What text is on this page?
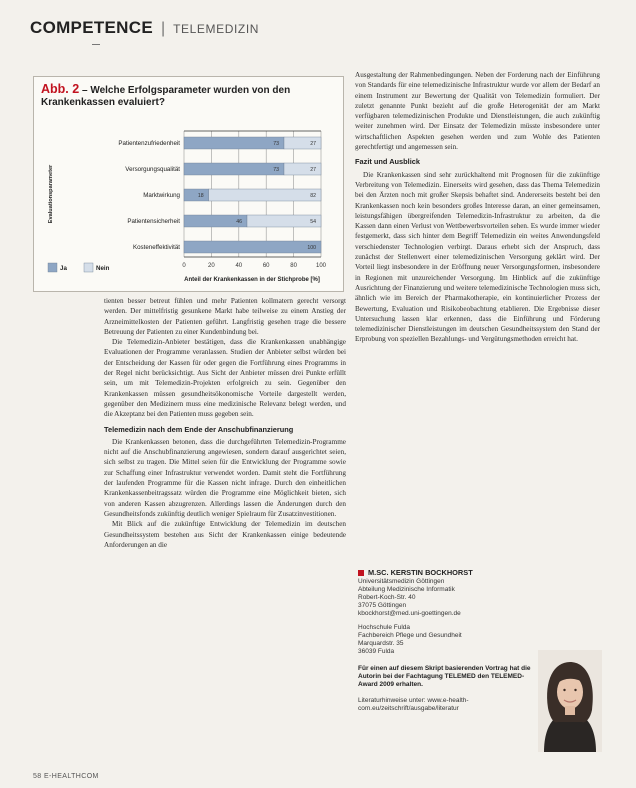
COMPETENCE | TELEMEDIZIN
Abb. 2 – Welche Erfolgsparameter wurden von den Krankenkassen evaluiert?
0	20	40	60	80	100
Patientenzufriedenheit	73	27
Versorgungsqualität	73	27
Marktwirkung	18	82
Patientensicherheit	46	54
Kosteneffektivität	100
Evaluationsparameter
Anteil der Krankenkassen in der Stichprobe [%]
Ja	Nein

tienten besser betreut fühlen und mehr Patienten kollmatern gerecht versorgt werden. Der mittelfristig gesunkene Markt habe teilweise zu einem Anstieg der Arzneimittelkosten der Patienten geführt. Langfristig gesehen trage die bessere Betreuung der Patienten zu einer Kundenbindung bei.

Die Telemedizin-Anbieter bestätigen, dass die Krankenkassen unabhängige Evaluationen der Programme veranlassen. Studien der Anbieter selbst würden bei der Entscheidung der Kassen für oder gegen die Fortführung eines Programms in der Regel nicht berücksichtigt. Aus Sicht der Anbieter müssen drei Punkte erfüllt sein, um mit Telemedizin-Projekten erfolgreich zu sein. Gegenüber den Krankenkassen müssen gesundheitsökonomische Vorteile dargestellt werden, gegenüber den Medizinern muss eine medizinische Relevanz belegt werden, und die Akzeptanz bei den Patienten muss gegeben sein.

Telemedizin nach dem Ende der Anschubfinanzierung

Die Krankenkassen betonen, dass die durchgeführten Telemedizin-Programme nicht auf die Anschubfinanzierung angewiesen, sondern darauf ausgerichtet seien, sich selbst zu tragen. Die Mittel seien für die Entwicklung der Programme sowie zur Schaffung einer Infrastruktur verwendet worden. Damit steht die Fortführung der laufenden Programme für die Kassen nicht infrage. Durch den einheitlichen Krankenkassenbeitragssatz würden die Programme eine Möglichkeit bieten, sich von anderen Kassen abzugrenzen. Allerdings lassen die Änderungen durch den Gesundheitsfonds zukünftig deutlich weniger Spielraum für Zusatzinvestitionen.

Mit Blick auf die zukünftige Entwicklung der Telemedizin im deutschen Gesundheitssystem bestehen aus Sicht der Krankenkassen einige bedeutende Anforderungen an die

Ausgestaltung der Rahmenbedingungen. Neben der Forderung nach der Einführung von Standards für eine telemedizinische Infrastruktur wurde vor allem der Bedarf an einem Instrument zur Bewertung der Qualität von Telemedizin formuliert. Der zuletzt genannte Punkt bezieht auf die große Heterogenität der am Markt verfügbaren telemedizinischen Produkte und Dienstleistungen, die auch zukünftig weiter zunehmen wird. Der Einsatz der Telemedizin müsste insbesondere unter wirtschaftlichen Aspekten gesehen werden und zum Wohle des Patienten gerechtfertigt und angemessen sein.

Fazit und Ausblick

Die Krankenkassen sind sehr zurückhaltend mit Prognosen für die zukünftige Verbreitung von Telemedizin. Einerseits wird gesehen, dass das Thema Telemedizin bei den Ärzten noch mit großer Skepsis behaftet sind. Andererseits besteht bei den Krankenkassen noch kein besonders großes Interesse daran, an einer gemeinsamen, leistungsfähigen übergreifenden Telemedizin-Infrastruktur zu arbeiten, da die Kassen dann einen Verlust von Wettbewerbsvorteilen sehen. Es wurde immer wieder festgemerkt, dass sich hinter dem Begriff Telemedizin ein weites Anwendungsfeld verschiedenster Technologien verbirgt. Daraus erhebt sich der Anspruch, dass zunächst der Stellenwert einer telemedizinischen Versorgung geklärt wird. Der Vorteil liegt insbesondere in der Eröffnung neuer Versorgungsformen, insbesondere in Regionen mit unzureichender Versorgung. Im Hinblick auf die zukünftige Ausrichtung der Finanzierung und weitere telemedizinische Technologien muss sich, ähnlich wie im Bereich der Pharmakotherapie, ein kontinuierlicher Prozess der Bewertung, Evaluation und Risikobeobachtung etablieren. Die Ergebnisse dieser Untersuchung lassen klar erkennen, dass die Einführung und Förderung telemedizinischer Dienstleistungen im deutschen Gesundheitssystem den Stand der Erprobung von speziellen Bezahlungs- und Vergütungsmethoden erreicht hat.

M.SC. KERSTIN BOCKHORST
Universitätsmedizin Göttingen
Abteilung Medizinische Informatik
Robert-Koch-Str. 40
37075 Göttingen
kbockhorst@med.uni-goettingen.de
Hochschule Fulda
Fachbereich Pflege und Gesundheit
Marquardstr. 35
36039 Fulda
Für einen auf diesem Skript basierenden Vortrag hat die Autorin bei der Fachtagung TELEMED den TELEMED-Award 2009 erhalten.
Literaturhinweise unter: www.e-health-com.eu/zeitschrift/ausgabe/literatur
58 E-HEALTHCOM
